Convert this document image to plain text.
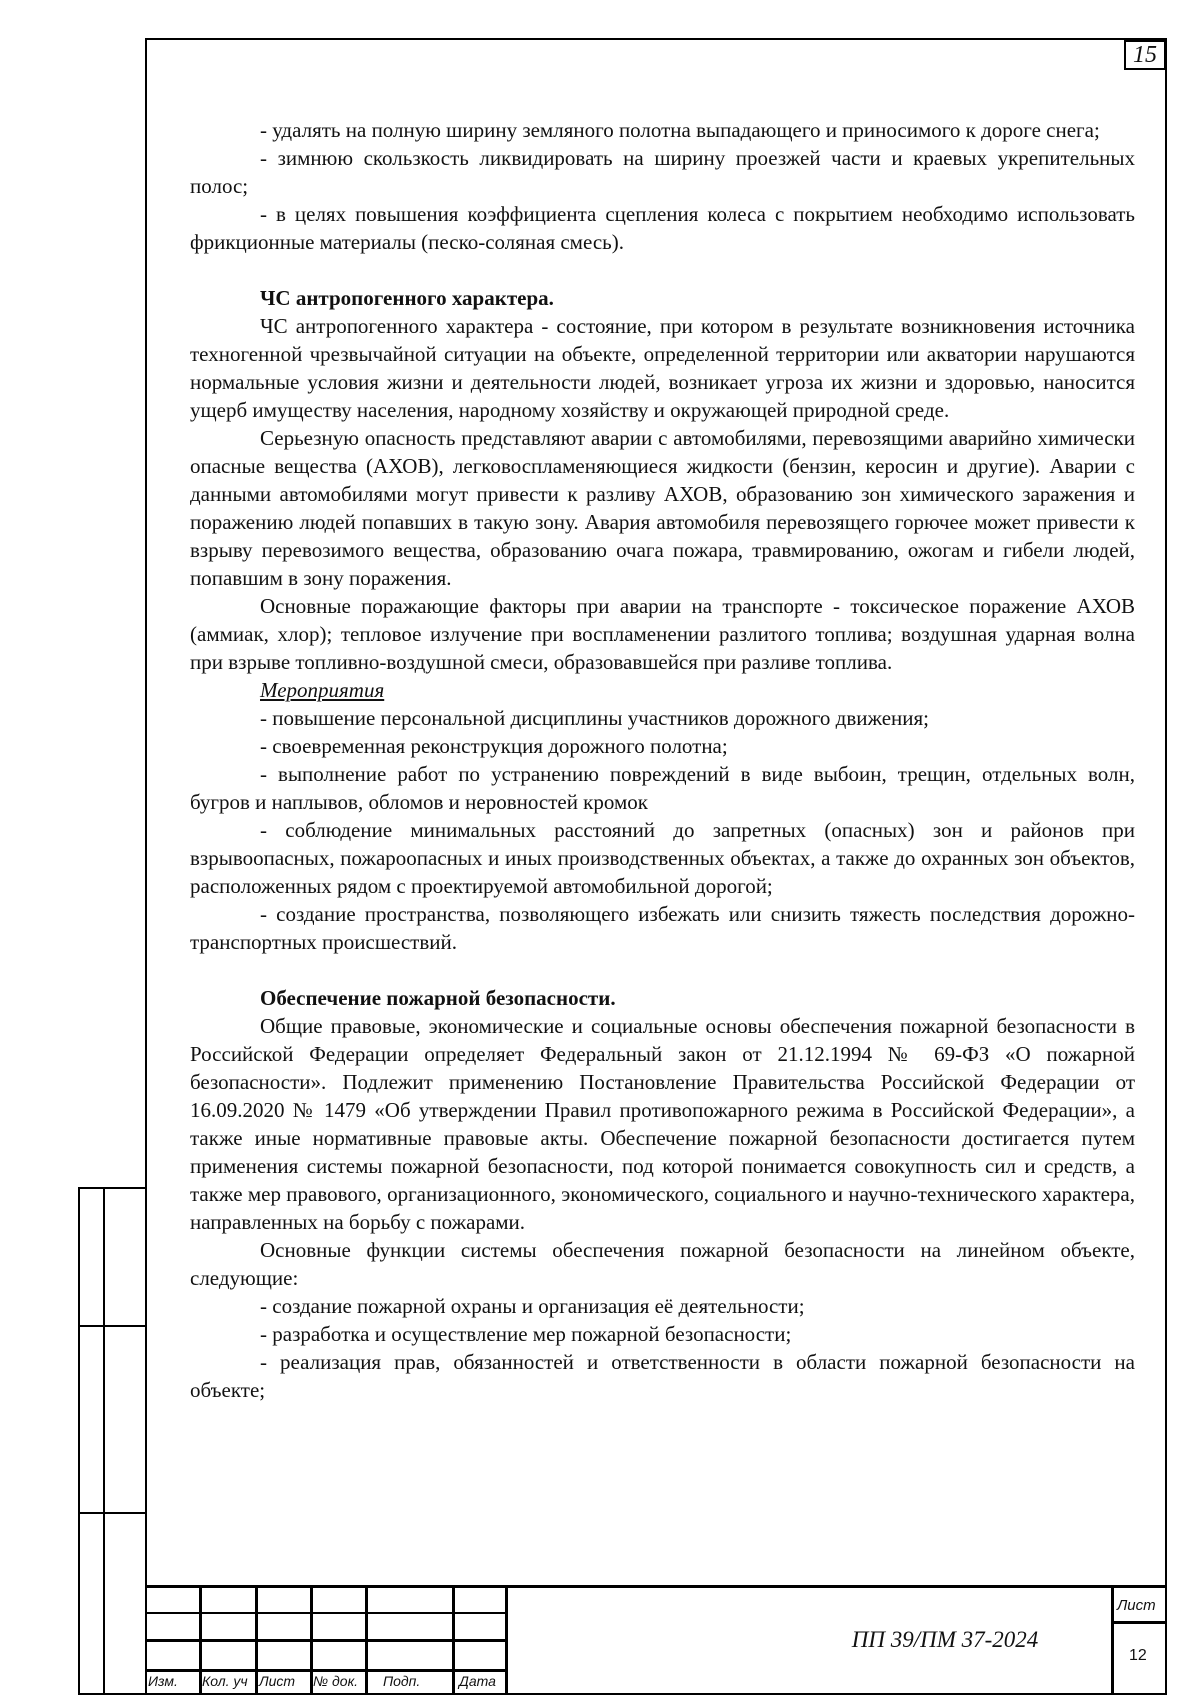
15

- удалять на полную ширину земляного полотна выпадающего и приносимого к дороге снега;

- зимнюю скользкость ликвидировать на ширину проезжей части и краевых укрепительных полос;

- в целях повышения коэффициента сцепления колеса с покрытием необходимо использовать фрикционные материалы (песко-соляная смесь).

ЧС антропогенного характера.

ЧС антропогенного характера - состояние, при котором в результате возникновения источника техногенной чрезвычайной ситуации на объекте, определенной территории или акватории нарушаются нормальные условия жизни и деятельности людей, возникает угроза их жизни и здоровью, наносится ущерб имуществу населения, народному хозяйству и окружающей природной среде.

Серьезную опасность представляют аварии с автомобилями, перевозящими аварийно химически опасные вещества (АХОВ), легковоспламеняющиеся жидкости (бензин, керосин и другие). Аварии с данными автомобилями могут привести к разливу АХОВ, образованию зон химического заражения и поражению людей попавших в такую зону. Авария автомобиля перевозящего горючее может привести к взрыву перевозимого вещества, образованию очага пожара, травмированию, ожогам и гибели людей, попавшим в зону поражения.

Основные поражающие факторы при аварии на транспорте - токсическое поражение АХОВ (аммиак, хлор); тепловое излучение при воспламенении разлитого топлива; воздушная ударная волна при взрыве топливно-воздушной смеси, образовавшейся при разливе топлива.

Мероприятия

- повышение персональной дисциплины участников дорожного движения;

- своевременная реконструкция дорожного полотна;

- выполнение работ по устранению повреждений в виде выбоин, трещин, отдельных волн, бугров и наплывов, обломов и неровностей кромок

- соблюдение минимальных расстояний до запретных (опасных) зон и районов при взрывоопасных, пожароопасных и иных производственных объектах, а также до охранных зон объектов, расположенных рядом с проектируемой автомобильной дорогой;

- создание пространства, позволяющего избежать или снизить тяжесть последствия дорожно-транспортных происшествий.

Обеспечение пожарной безопасности.

Общие правовые, экономические и социальные основы обеспечения пожарной безопасности в Российской Федерации определяет Федеральный закон от 21.12.1994 № 69-ФЗ «О пожарной безопасности». Подлежит применению Постановление Правительства Российской Федерации от 16.09.2020 № 1479 «Об утверждении Правил противопожарного режима в Российской Федерации», а также иные нормативные правовые акты. Обеспечение пожарной безопасности достигается путем применения системы пожарной безопасности, под которой понимается совокупность сил и средств, а также мер правового, организационного, экономического, социального и научно-технического характера, направленных на борьбу с пожарами.

Основные функции системы обеспечения пожарной безопасности на линейном объекте, следующие:

- создание пожарной охраны и организация её деятельности;

- разработка и осуществление мер пожарной безопасности;

- реализация прав, обязанностей и ответственности в области пожарной безопасности на объекте;

Изм. Кол. уч Лист № док. Подп.	Дата
ПП 39/ПМ 37-2024
Лист
12
